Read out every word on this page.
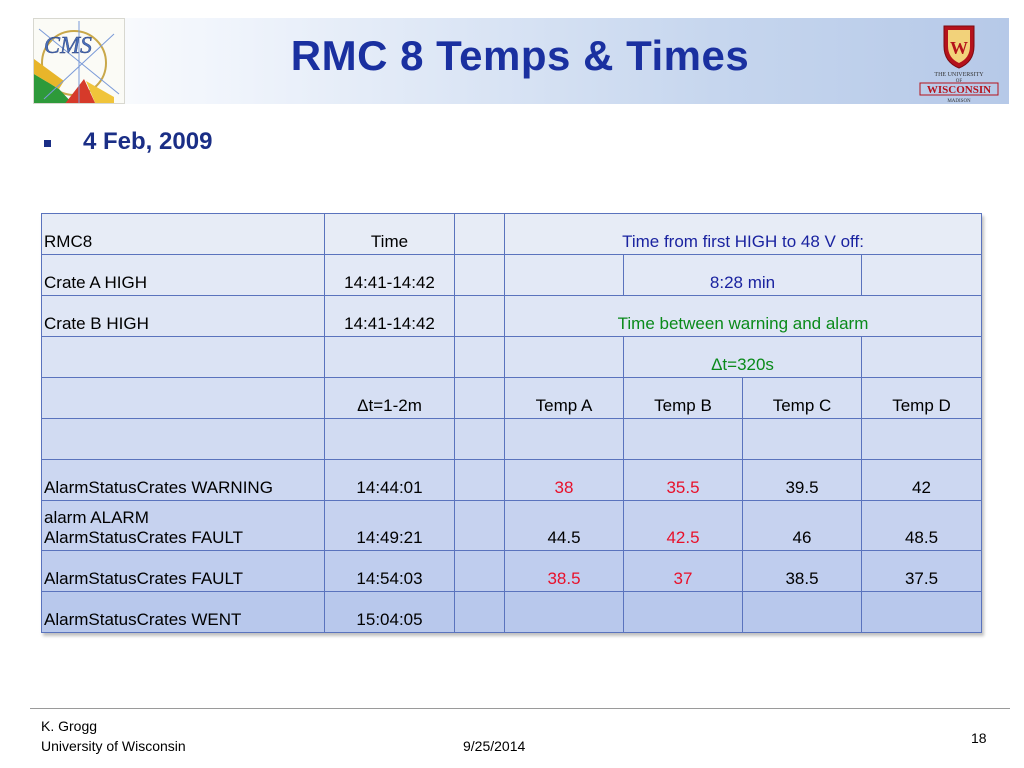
CMS	RMC 8 Temps & Times	W
THE UNIVERSITY
OF
WISCONSIN
MADISON
4 Feb, 2009
RMC8	Time		Time from first HIGH to 48 V off:			
Crate A HIGH	14:41-14:42			8:28 min		
Crate B HIGH	14:41-14:42		Time between warning and alarm			
				Δt=320s		
	Δt=1-2m		Temp A	Temp B	Temp C	Temp D

AlarmStatusCrates WARNING	14:44:01		38	35.5	39.5	42

alarm ALARM
AlarmStatusCrates FAULT	14:49:21		44.5	42.5	46	48.5
AlarmStatusCrates FAULT	14:54:03		38.5	37	38.5	37.5
AlarmStatusCrates WENT	15:04:05					
K. Grogg
University of Wisconsin	9/25/2014	18
